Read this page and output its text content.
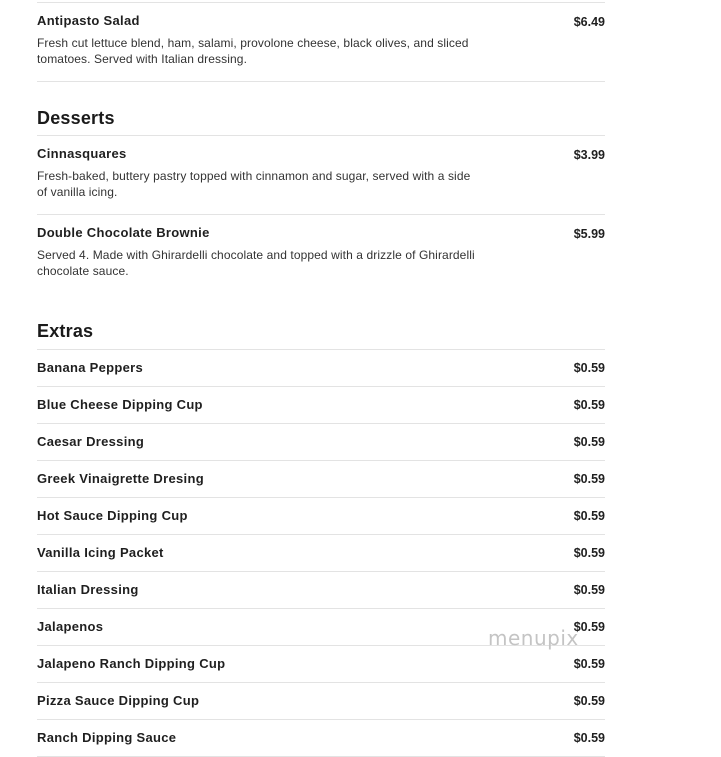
Antipasto Salad	$6.49
Fresh cut lettuce blend, ham, salami, provolone cheese, black olives, and sliced tomatoes. Served with Italian dressing.
Desserts
Cinnasquares	$3.99
Fresh-baked, buttery pastry topped with cinnamon and sugar, served with a side of vanilla icing.
Double Chocolate Brownie	$5.99
Served 4. Made with Ghirardelli chocolate and topped with a drizzle of Ghirardelli chocolate sauce.
Extras
Banana Peppers	$0.59
Blue Cheese Dipping Cup	$0.59
Caesar Dressing	$0.59
Greek Vinaigrette Dresing	$0.59
Hot Sauce Dipping Cup	$0.59
Vanilla Icing Packet	$0.59
Italian Dressing	$0.59
Jalapenos	$0.59
Jalapeno Ranch Dipping Cup	$0.59
Pizza Sauce Dipping Cup	$0.59
Ranch Dipping Sauce	$0.59
menupix
